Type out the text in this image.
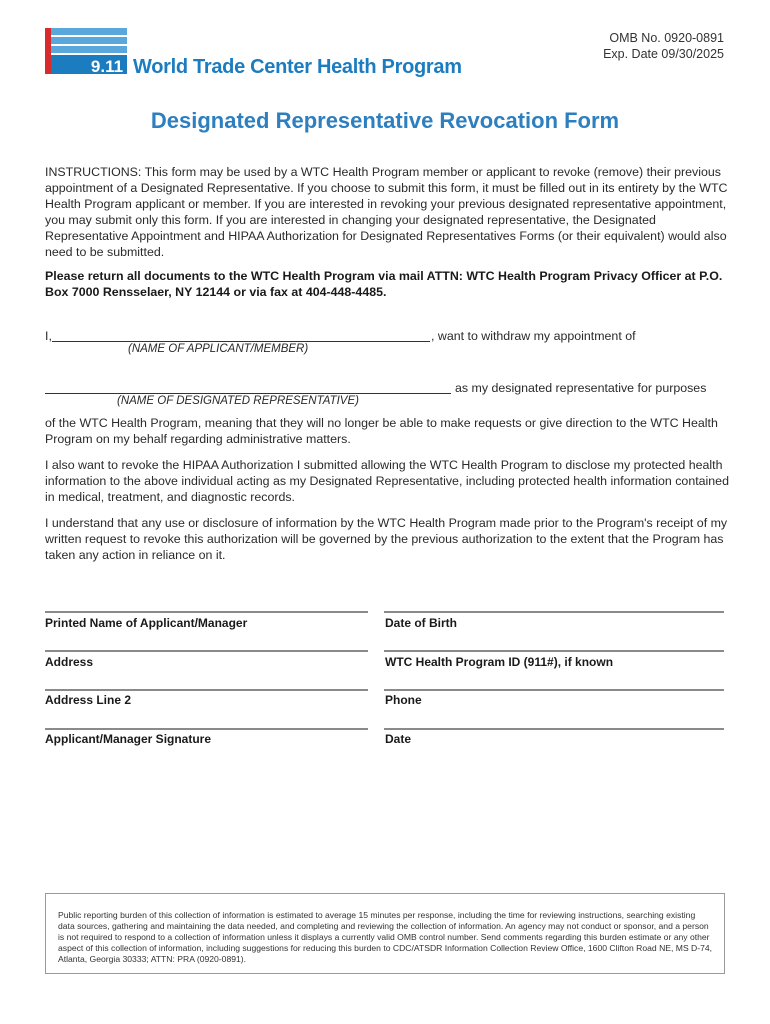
9.11 World Trade Center Health Program
OMB No. 0920-0891
Exp. Date 09/30/2025
Designated Representative Revocation Form
INSTRUCTIONS: This form may be used by a WTC Health Program member or applicant to revoke (remove) their previous appointment of a Designated Representative. If you choose to submit this form, it must be filled out in its entirety by the WTC Health Program applicant or member. If you are interested in revoking your previous designated representative appointment, you may submit only this form. If you are interested in changing your designated representative, the Designated Representative Appointment and HIPAA Authorization for Designated Representatives Forms (or their equivalent) would also need to be submitted.
Please return all documents to the WTC Health Program via mail ATTN: WTC Health Program Privacy Officer at P.O. Box 7000 Rensselaer, NY 12144 or via fax at 404-448-4485.
I,	, want to withdraw my appointment of
(NAME OF APPLICANT/MEMBER)
as my designated representative for purposes
(NAME OF DESIGNATED REPRESENTATIVE)
of the WTC Health Program, meaning that they will no longer be able to make requests or give direction to the WTC Health Program on my behalf regarding administrative matters.
I also want to revoke the HIPAA Authorization I submitted allowing the WTC Health Program to disclose my protected health information to the above individual acting as my Designated Representative, including protected health information contained in medical, treatment, and diagnostic records.
I understand that any use or disclosure of information by the WTC Health Program made prior to the Program's receipt of my written request to revoke this authorization will be governed by the previous authorization to the extent that the Program has taken any action in reliance on it.
Printed Name of Applicant/Manager	Date of Birth
Address	WTC Health Program ID (911#), if known
Address Line 2	Phone
Applicant/Manager Signature	Date
Public reporting burden of this collection of information is estimated to average 15 minutes per response, including the time for reviewing instructions, searching existing data sources, gathering and maintaining the data needed, and completing and reviewing the collection of information. An agency may not conduct or sponsor, and a person is not required to respond to a collection of information unless it displays a currently valid OMB control number. Send comments regarding this burden estimate or any other aspect of this collection of information, including suggestions for reducing this burden to CDC/ATSDR Information Collection Review Office, 1600 Clifton Road NE, MS D-74, Atlanta, Georgia 30333; ATTN: PRA (0920-0891).
